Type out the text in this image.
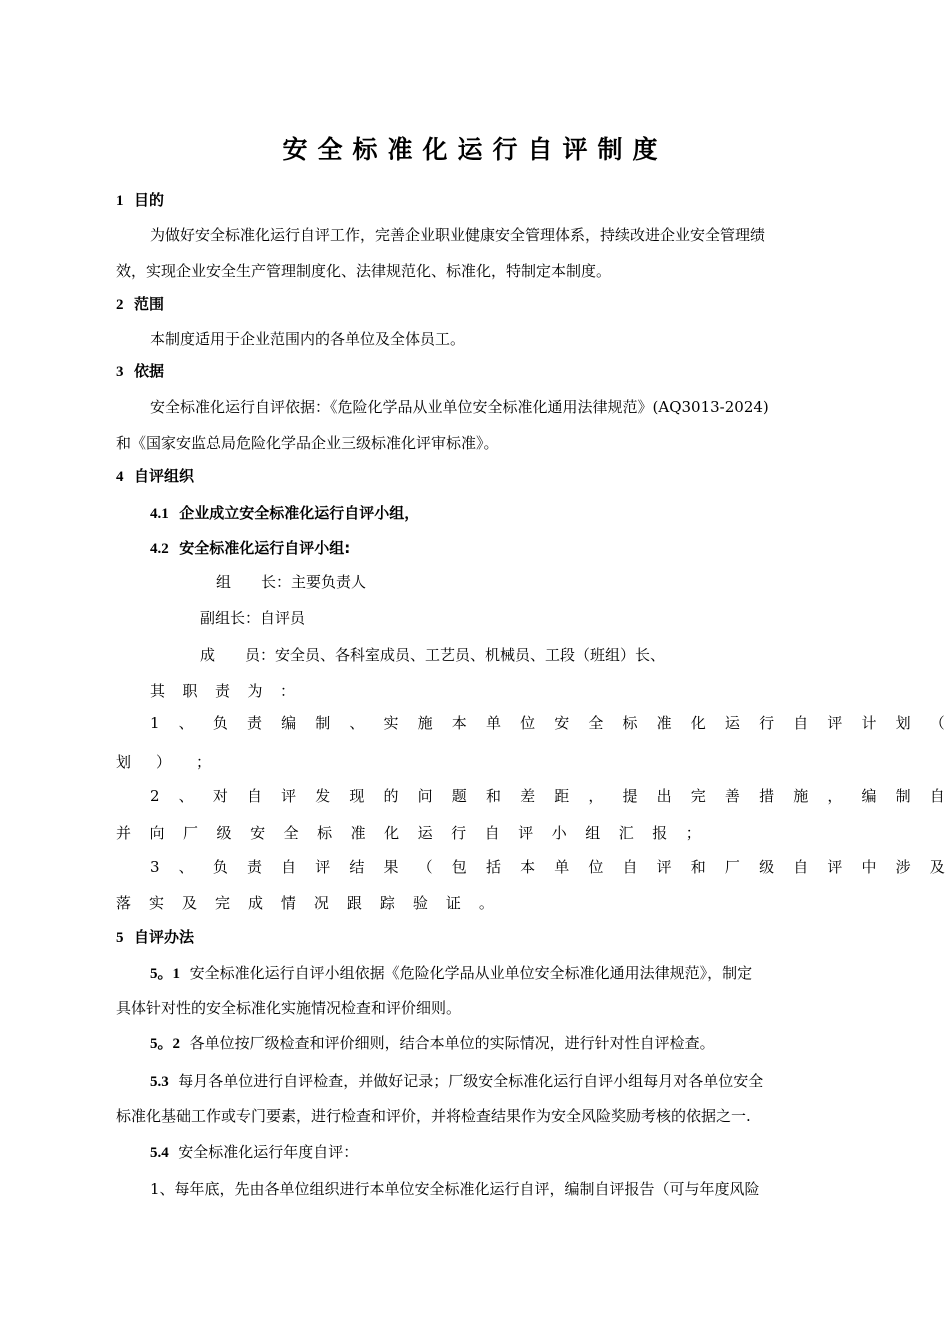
安全标准化运行自评制度
1 目的
为做好安全标准化运行自评工作，完善企业职业健康安全管理体系，持续改进企业安全管理绩
效，实现企业安全生产管理制度化、法律规范化、标准化，特制定本制度。
2 范围
本制度适用于企业范围内的各单位及全体员工。
3 依据
安全标准化运行自评依据：《危险化学品从业单位安全标准化通用法律规范》(AQ3013-2024)
和《国家安监总局危险化学品企业三级标准化评审标准》。
4 自评组织
4.1 企业成立安全标准化运行自评小组，
4.2 安全标准化运行自评小组:
组　　长：主要负责人
副组长：自评员
成　　员：安全员、各科室成员、工艺员、机械员、工段（班组）长、
其 职 责 为 ：
1 、 负 责 编 制 、 实 施 本 单 位 安 全 标 准 化 运 行 自 评 计 划 （
划 ） ；
2 、 对 自 评 发 现 的 问 题 和 差 距 ， 提 出 完 善 措 施 ， 编 制 自
并 向 厂 级 安 全 标 准 化 运 行 自 评 小 组 汇 报 ；
3 、 负 责 自 评 结 果 （ 包 括 本 单 位 自 评 和 厂 级 自 评 中 涉 及
落 实 及 完 成 情 况 跟 踪 验 证 。
5 自评办法
5。1 安全标准化运行自评小组依据《危险化学品从业单位安全标准化通用法律规范》，制定
具体针对性的安全标准化实施情况检查和评价细则。
5。2 各单位按厂级检查和评价细则，结合本单位的实际情况，进行针对性自评检查。
5.3 每月各单位进行自评检查，并做好记录；厂级安全标准化运行自评小组每月对各单位安全
标准化基础工作或专门要素，进行检查和评价，并将检查结果作为安全风险奖励考核的依据之一.
5.4 安全标准化运行年度自评：
1、每年底，先由各单位组织进行本单位安全标准化运行自评，编制自评报告（可与年度风险
